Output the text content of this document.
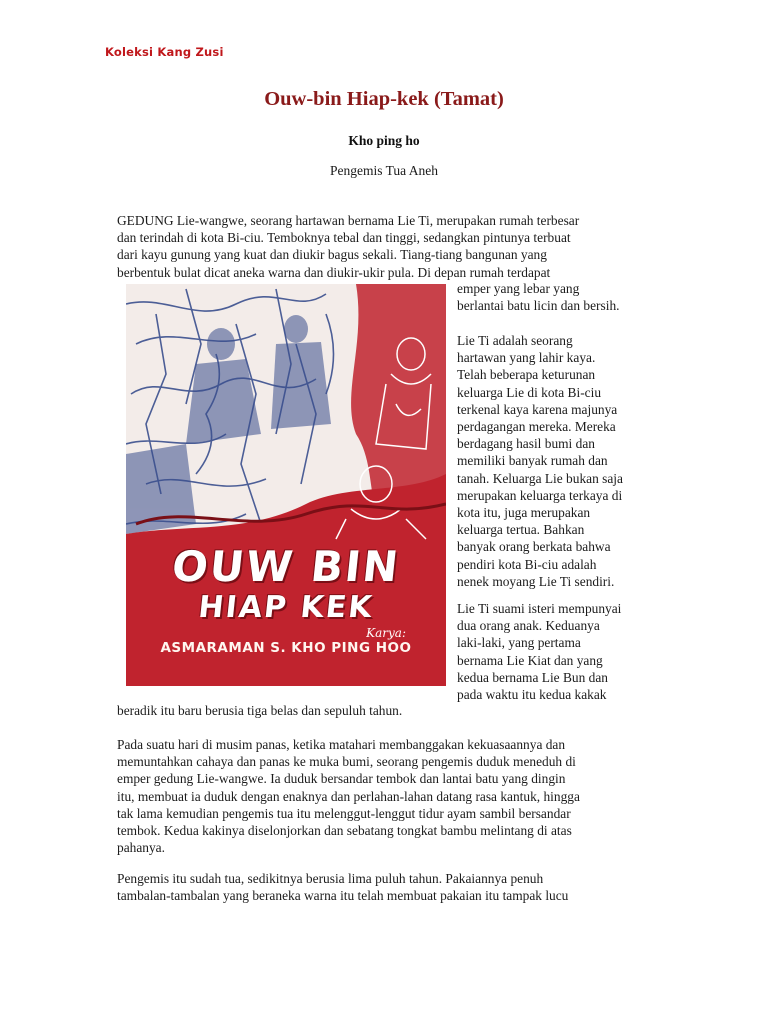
Koleksi Kang Zusi
Ouw-bin Hiap-kek (Tamat)
Kho ping ho
Pengemis Tua Aneh
GEDUNG Lie-wangwe, seorang hartawan bernama Lie Ti, merupakan rumah terbesar
dan terindah di kota Bi-ciu. Temboknya tebal dan tinggi, sedangkan pintunya terbuat
dari kayu gunung yang kuat dan diukir bagus sekali. Tiang-tiang bangunan yang
berbentuk bulat dicat aneka warna dan diukir-ukir pula. Di depan rumah terdapat
OUW BIN
HIAP KEK
Karya:
ASMARAMAN S. KHO PING HOO
emper yang lebar yang
berlantai batu licin dan bersih.
Lie Ti adalah seorang
hartawan yang lahir kaya.
Telah beberapa keturunan
keluarga Lie di kota Bi-ciu
terkenal kaya karena majunya
perdagangan mereka. Mereka
berdagang hasil bumi dan
memiliki banyak rumah dan
tanah. Keluarga Lie bukan saja
merupakan keluarga terkaya di
kota itu, juga merupakan
keluarga tertua. Bahkan
banyak orang berkata bahwa
pendiri kota Bi-ciu adalah
nenek moyang Lie Ti sendiri.
Lie Ti suami isteri mempunyai
dua orang anak. Keduanya
laki-laki, yang pertama
bernama Lie Kiat dan yang
kedua bernama Lie Bun dan
pada waktu itu kedua kakak
beradik itu baru berusia tiga belas dan sepuluh tahun.
Pada suatu hari di musim panas, ketika matahari membanggakan kekuasaannya dan
memuntahkan cahaya dan panas ke muka bumi, seorang pengemis duduk meneduh di
emper gedung Lie-wangwe. Ia duduk bersandar tembok dan lantai batu yang dingin
itu, membuat ia duduk dengan enaknya dan perlahan-lahan datang rasa kantuk, hingga
tak lama kemudian pengemis tua itu melenggut-lenggut tidur ayam sambil bersandar
tembok. Kedua kakinya diselonjorkan dan sebatang tongkat bambu melintang di atas
pahanya.
Pengemis itu sudah tua, sedikitnya berusia lima puluh tahun. Pakaiannya penuh
tambalan-tambalan yang beraneka warna itu telah membuat pakaian itu tampak lucu
